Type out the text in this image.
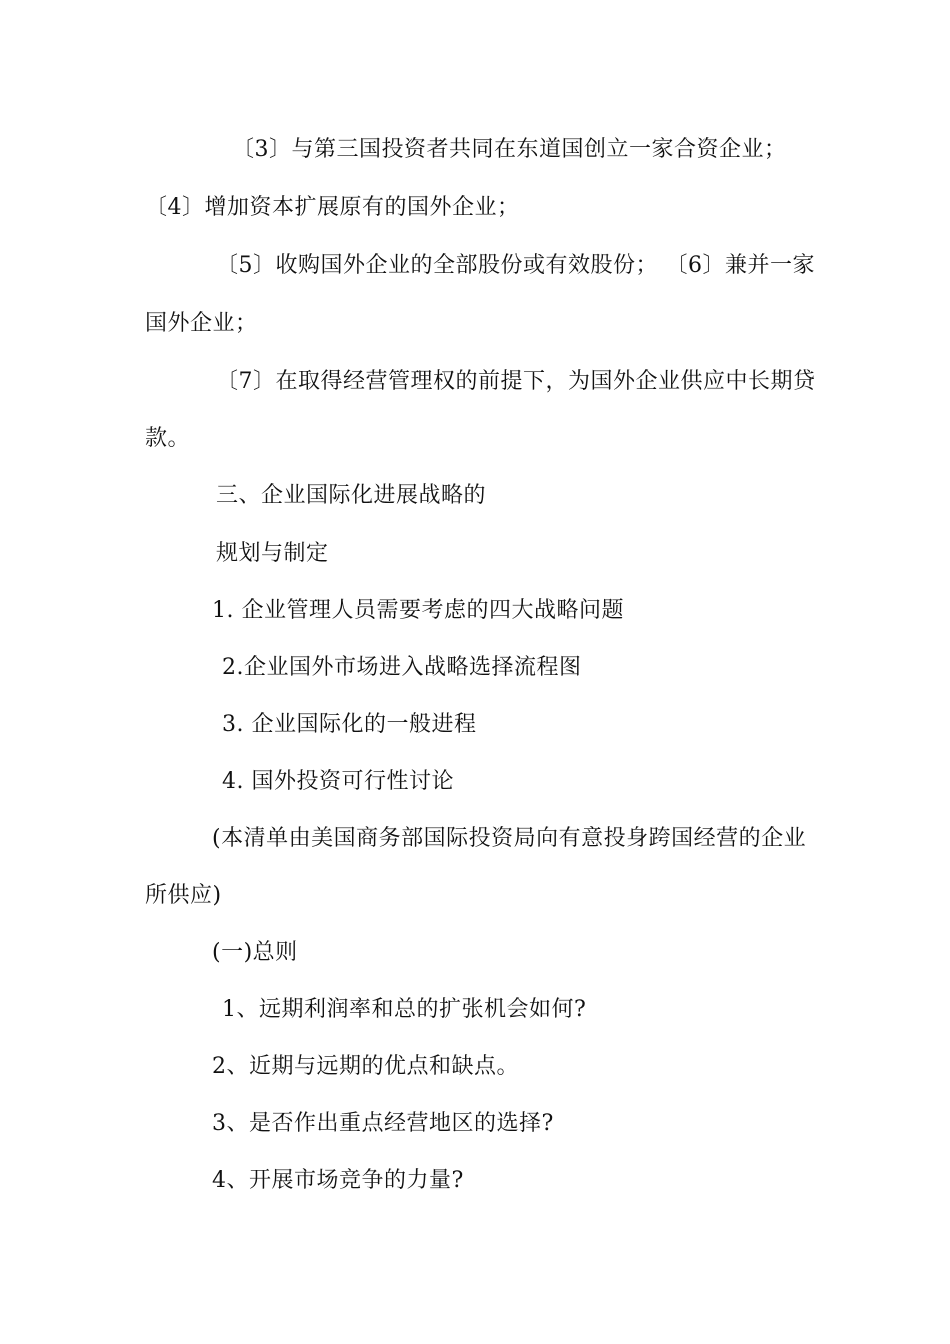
〔3〕与第三国投资者共同在东道国创立一家合资企业；
〔4〕增加资本扩展原有的国外企业；
〔5〕收购国外企业的全部股份或有效股份； 〔6〕兼并一家
国外企业；
〔7〕在取得经营管理权的前提下，为国外企业供应中长期贷
款。
三、企业国际化进展战略的
规划与制定
1. 企业管理人员需要考虑的四大战略问题
2.企业国外市场进入战略选择流程图
3. 企业国际化的一般进程
4. 国外投资可行性讨论
(本清单由美国商务部国际投资局向有意投身跨国经营的企业
所供应)
(一)总则
1、远期利润率和总的扩张机会如何?
2、近期与远期的优点和缺点。
3、是否作出重点经营地区的选择?
4、开展市场竞争的力量?
